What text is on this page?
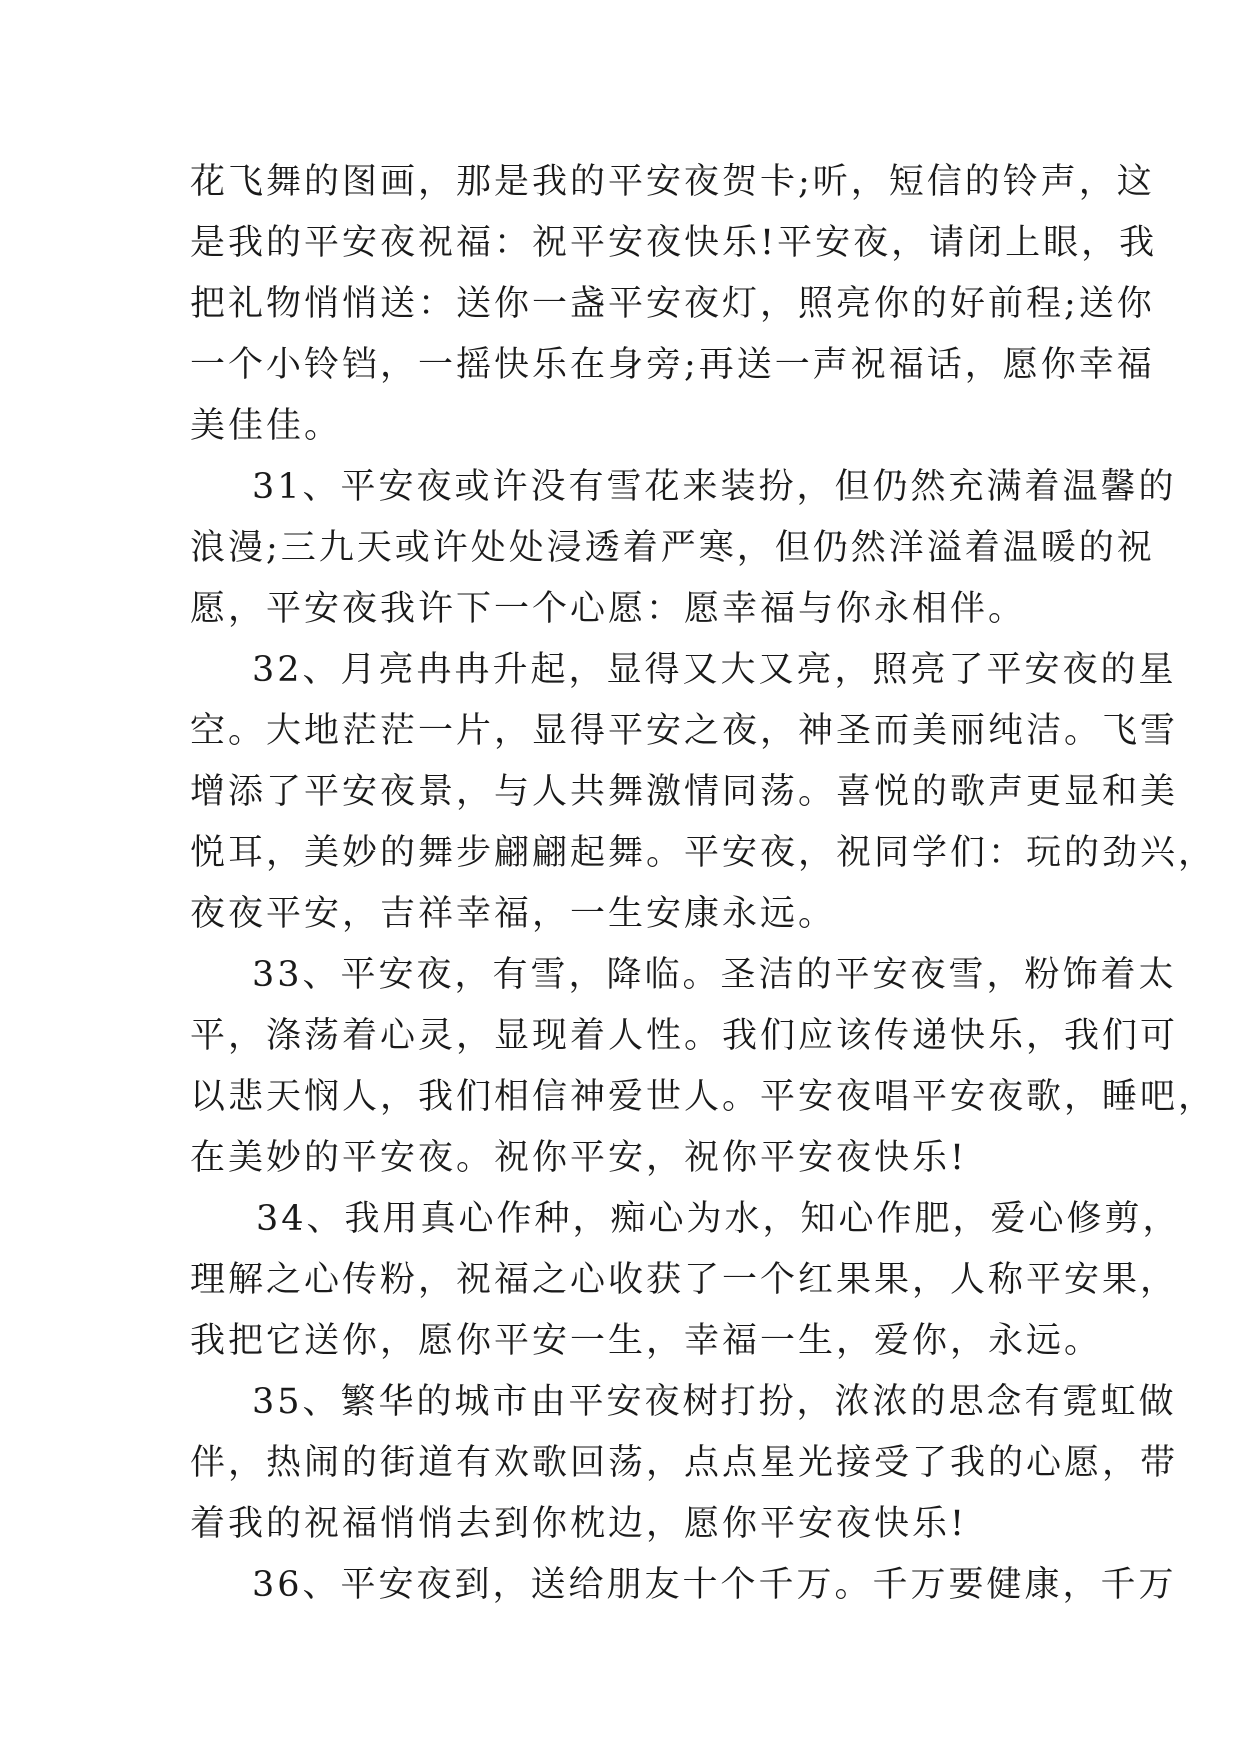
花飞舞的图画，那是我的平安夜贺卡;听，短信的铃声，这
是我的平安夜祝福：祝平安夜快乐!平安夜，请闭上眼，我
把礼物悄悄送：送你一盏平安夜灯，照亮你的好前程;送你
一个小铃铛，一摇快乐在身旁;再送一声祝福话，愿你幸福
美佳佳。
31、平安夜或许没有雪花来装扮，但仍然充满着温馨的
浪漫;三九天或许处处浸透着严寒，但仍然洋溢着温暖的祝
愿，平安夜我许下一个心愿：愿幸福与你永相伴。
32、月亮冉冉升起，显得又大又亮，照亮了平安夜的星
空。大地茫茫一片，显得平安之夜，神圣而美丽纯洁。飞雪
增添了平安夜景，与人共舞激情同荡。喜悦的歌声更显和美
悦耳，美妙的舞步翩翩起舞。平安夜，祝同学们：玩的劲兴，
夜夜平安，吉祥幸福，一生安康永远。
33、平安夜，有雪，降临。圣洁的平安夜雪，粉饰着太
平，涤荡着心灵，显现着人性。我们应该传递快乐，我们可
以悲天悯人，我们相信神爱世人。平安夜唱平安夜歌，睡吧，
在美妙的平安夜。祝你平安，祝你平安夜快乐!
34、我用真心作种，痴心为水，知心作肥，爱心修剪，
理解之心传粉，祝福之心收获了一个红果果，人称平安果，
我把它送你，愿你平安一生，幸福一生，爱你，永远。
35、繁华的城市由平安夜树打扮，浓浓的思念有霓虹做
伴，热闹的街道有欢歌回荡，点点星光接受了我的心愿，带
着我的祝福悄悄去到你枕边，愿你平安夜快乐!
36、平安夜到，送给朋友十个千万。千万要健康，千万
